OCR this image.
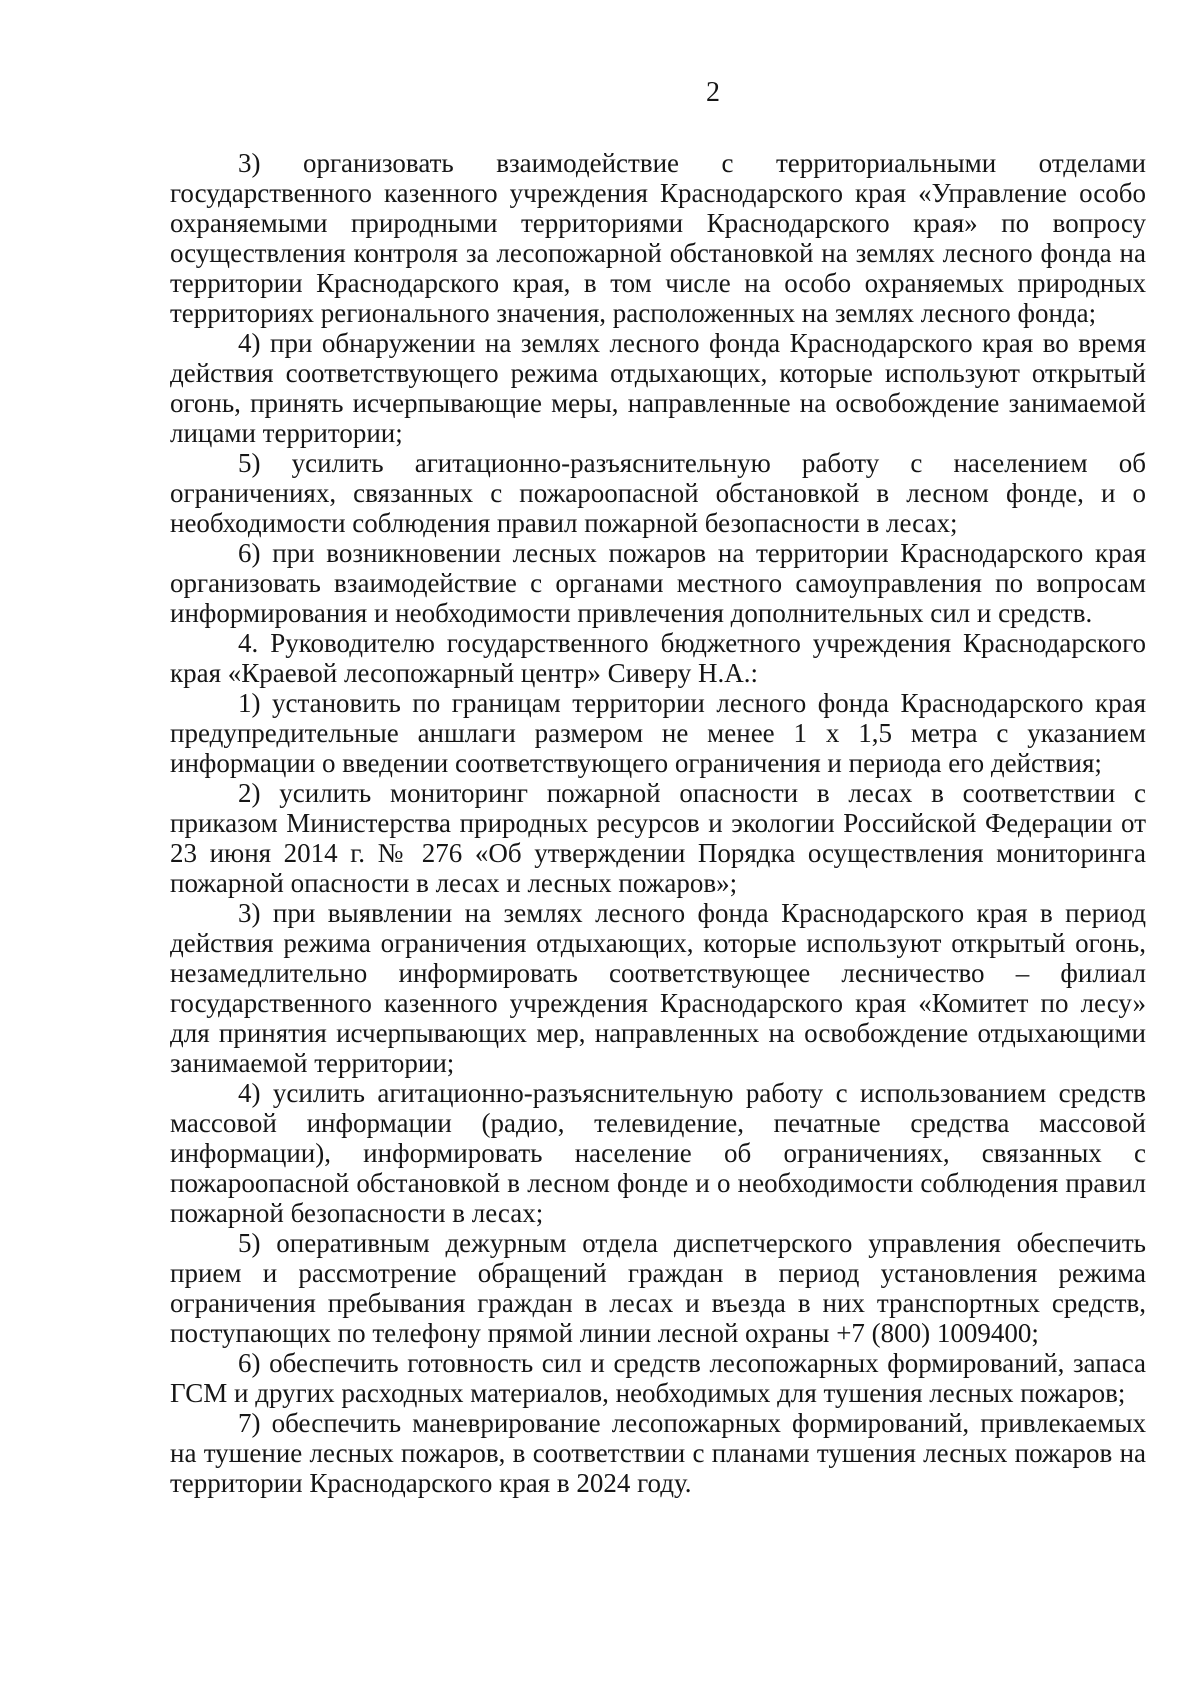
2

3) организовать взаимодействие с территориальными отделами государственного казенного учреждения Краснодарского края «Управление особо охраняемыми природными территориями Краснодарского края» по вопросу осуществления контроля за лесопожарной обстановкой на землях лесного фонда на территории Краснодарского края, в том числе на особо охраняемых природных территориях регионального значения, расположенных на землях лесного фонда;

4) при обнаружении на землях лесного фонда Краснодарского края во время действия соответствующего режима отдыхающих, которые используют открытый огонь, принять исчерпывающие меры, направленные на освобождение занимаемой лицами территории;

5) усилить агитационно-разъяснительную работу с населением об ограничениях, связанных с пожароопасной обстановкой в лесном фонде, и о необходимости соблюдения правил пожарной безопасности в лесах;

6) при возникновении лесных пожаров на территории Краснодарского края организовать взаимодействие с органами местного самоуправления по вопросам информирования и необходимости привлечения дополнительных сил и средств.

4. Руководителю государственного бюджетного учреждения Краснодарского края «Краевой лесопожарный центр» Сиверу Н.А.:

1) установить по границам территории лесного фонда Краснодарского края предупредительные аншлаги размером не менее 1 х 1,5 метра с указанием информации о введении соответствующего ограничения и периода его действия;

2) усилить мониторинг пожарной опасности в лесах в соответствии с приказом Министерства природных ресурсов и экологии Российской Федерации от 23 июня 2014 г. № 276 «Об утверждении Порядка осуществления мониторинга пожарной опасности в лесах и лесных пожаров»;

3) при выявлении на землях лесного фонда Краснодарского края в период действия режима ограничения отдыхающих, которые используют открытый огонь, незамедлительно информировать соответствующее лесничество – филиал государственного казенного учреждения Краснодарского края «Комитет по лесу» для принятия исчерпывающих мер, направленных на освобождение отдыхающими занимаемой территории;

4) усилить агитационно-разъяснительную работу с использованием средств массовой информации (радио, телевидение, печатные средства массовой информации), информировать население об ограничениях, связанных с пожароопасной обстановкой в лесном фонде и о необходимости соблюдения правил пожарной безопасности в лесах;

5) оперативным дежурным отдела диспетчерского управления обеспечить прием и рассмотрение обращений граждан в период установления режима ограничения пребывания граждан в лесах и въезда в них транспортных средств, поступающих по телефону прямой линии лесной охраны +7 (800) 1009400;

6) обеспечить готовность сил и средств лесопожарных формирований, запаса ГСМ и других расходных материалов, необходимых для тушения лесных пожаров;

7) обеспечить маневрирование лесопожарных формирований, привлекаемых на тушение лесных пожаров, в соответствии с планами тушения лесных пожаров на территории Краснодарского края в 2024 году.
